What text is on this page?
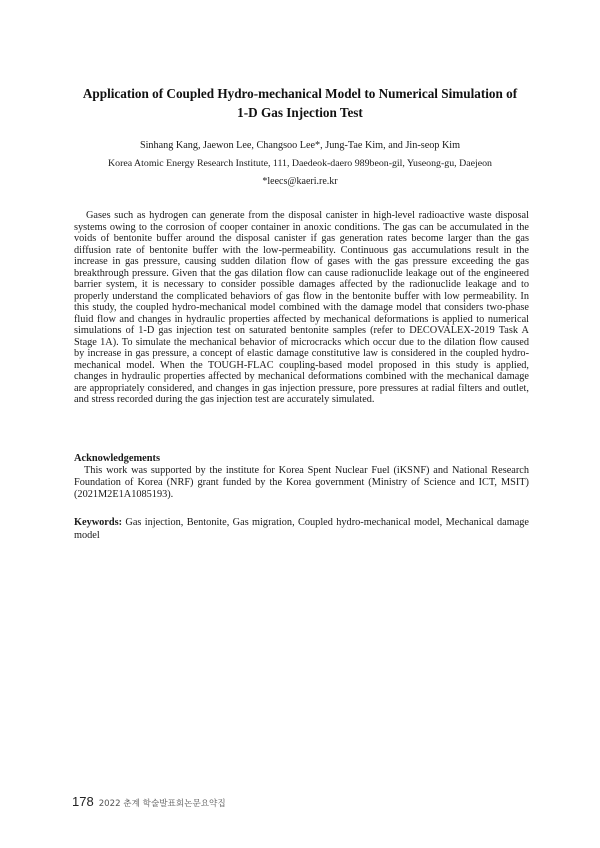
Application of Coupled Hydro-mechanical Model to Numerical Simulation of
1-D Gas Injection Test
Sinhang Kang, Jaewon Lee, Changsoo Lee*, Jung-Tae Kim, and Jin-seop Kim
Korea Atomic Energy Research Institute, 111, Daedeok-daero 989beon-gil, Yuseong-gu, Daejeon
*leecs@kaeri.re.kr

Gases such as hydrogen can generate from the disposal canister in high-level radioactive waste disposal systems owing to the corrosion of cooper container in anoxic conditions. The gas can be accumulated in the voids of bentonite buffer around the disposal canister if gas generation rates become larger than the gas diffusion rate of bentonite buffer with the low-permeability. Continuous gas accumulations result in the increase in gas pressure, causing sudden dilation flow of gases with the gas pressure exceeding the gas breakthrough pressure. Given that the gas dilation flow can cause radionuclide leakage out of the engineered barrier system, it is necessary to consider possible damages affected by the radionuclide leakage and to properly understand the complicated behaviors of gas flow in the bentonite buffer with low permeability. In this study, the coupled hydro-mechanical model combined with the damage model that considers two-phase fluid flow and changes in hydraulic properties affected by mechanical deformations is applied to numerical simulations of 1-D gas injection test on saturated bentonite samples (refer to DECOVALEX-2019 Task A Stage 1A). To simulate the mechanical behavior of microcracks which occur due to the dilation flow caused by increase in gas pressure, a concept of elastic damage constitutive law is considered in the coupled hydro-mechanical model. When the TOUGH-FLAC coupling-based model proposed in this study is applied, changes in hydraulic properties affected by mechanical deformations combined with the mechanical damage are appropriately considered, and changes in gas injection pressure, pore pressures at radial filters and outlet, and stress recorded during the gas injection test are accurately simulated.

Acknowledgements

This work was supported by the institute for Korea Spent Nuclear Fuel (iKSNF) and National Research Foundation of Korea (NRF) grant funded by the Korea government (Ministry of Science and ICT, MSIT) (2021M2E1A1085193).

Keywords: Gas injection, Bentonite, Gas migration, Coupled hydro-mechanical model, Mechanical damage model

178 2022 춘계 학술발표회논문요약집
